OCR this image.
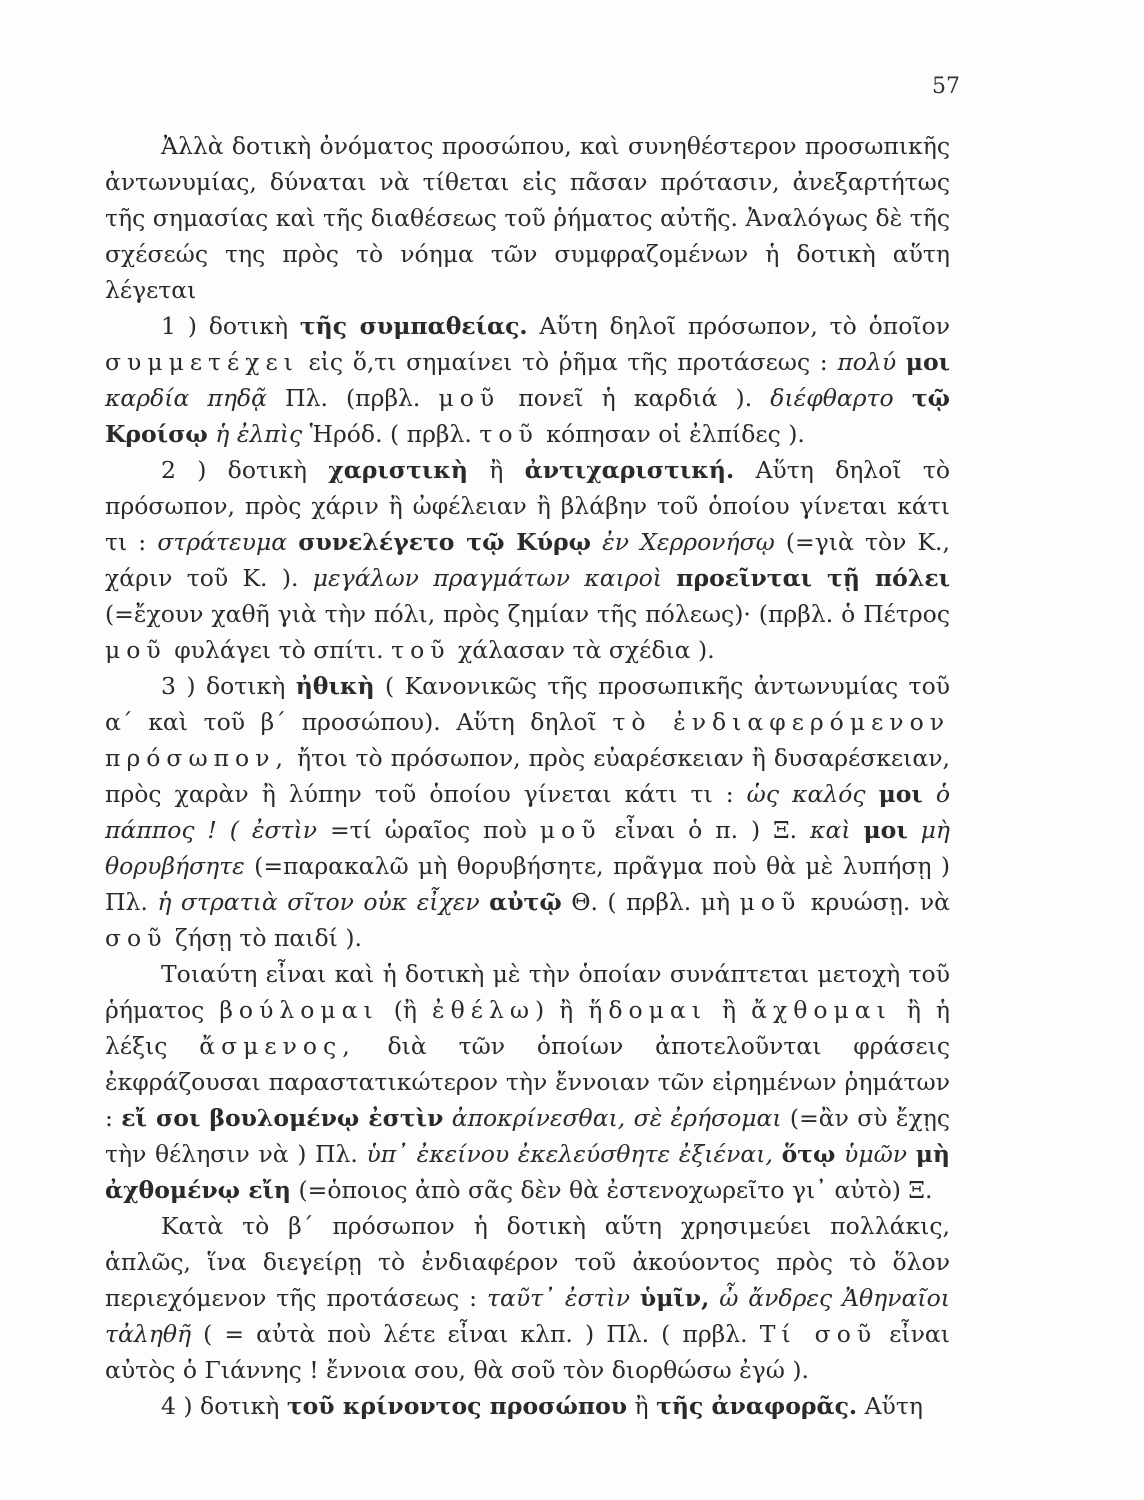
57

Ἀλλὰ δοτικὴ ὀνόματος προσώπου, καὶ συνηθέστερον προσωπικῆς ἀντωνυμίας, δύναται νὰ τίθεται εἰς πᾶσαν πρότασιν, ἀνεξαρτήτως τῆς σημασίας καὶ τῆς διαθέσεως τοῦ ῥήματος αὐτῆς. Ἀναλόγως δὲ τῆς σχέσεώς της πρὸς τὸ νόημα τῶν συμφραζομένων ἡ δοτικὴ αὕτη λέγεται

1 ) δοτικὴ τῆς συμπαθείας. Αὕτη δηλοῖ πρόσωπον, τὸ ὁποῖον συμμετέχει εἰς ὅ,τι σημαίνει τὸ ῥῆμα τῆς προτάσεως : πολύ μοι καρδία πηδᾷ Πλ. (πρβλ. μοῦ πονεῖ ἡ καρδιά ). διέφθαρτο τῷ Κροίσῳ ἡ ἐλπὶς Ἡρόδ. ( πρβλ. τοῦ κόπησαν οἱ ἐλπίδες ).

2 ) δοτικὴ χαριστικὴ ἢ ἀντιχαριστική. Αὕτη δηλοῖ τὸ πρόσωπον, πρὸς χάριν ἢ ὠφέλειαν ἢ βλάβην τοῦ ὁποίου γίνεται κάτι τι : στράτευμα συνελέγετο τῷ Κύρῳ ἐν Χερρονήσῳ (=γιὰ τὸν Κ., χάριν τοῦ Κ. ). μεγάλων πραγμάτων καιροὶ προεῖνται τῇ πόλει (=ἔχουν χαθῆ γιὰ τὴν πόλι, πρὸς ζημίαν τῆς πόλεως)· (πρβλ. ὁ Πέτρος μοῦ φυλάγει τὸ σπίτι. τοῦ χάλασαν τὰ σχέδια ).

3 ) δοτικὴ ἠθικὴ ( Κανονικῶς τῆς προσωπικῆς ἀντωνυμίας τοῦ α΄ καὶ τοῦ β΄ προσώπου). Αὕτη δηλοῖ τὸ ἐνδιαφερόμενον πρόσωπον, ἤτοι τὸ πρόσωπον, πρὸς εὐαρέσκειαν ἢ δυσαρέσκειαν, πρὸς χαρὰν ἢ λύπην τοῦ ὁποίου γίνεται κάτι τι : ὡς καλός μοι ὁ πάππος ! ( ἐστὶν =τί ὡραῖος ποὺ μοῦ εἶναι ὁ π. ) Ξ. καὶ μοι μὴ θορυβήσητε (=παρακαλῶ μὴ θορυβήσητε, πρᾶγμα ποὺ θὰ μὲ λυπήσῃ ) Πλ. ἡ στρατιὰ σῖτον οὐκ εἶχεν αὐτῷ Θ. ( πρβλ. μὴ μοῦ κρυώσῃ. νὰ σοῦ ζήσῃ τὸ παιδί ).

Τοιαύτη εἶναι καὶ ἡ δοτικὴ μὲ τὴν ὁποίαν συνάπτεται μετοχὴ τοῦ ῥήματος βούλομαι (ἢ ἐθέλω) ἢ ἥδομαι ἢ ἄχθομαι ἢ ἡ λέξις ἄσμενος, διὰ τῶν ὁποίων ἀποτελοῦνται φράσεις ἐκφράζουσαι παραστατικώτερον τὴν ἔννοιαν τῶν εἰρημένων ῥημάτων : εἴ σοι βουλομένῳ ἐστὶν ἀποκρίνεσθαι, σὲ ἐρήσομαι (=ἂν σὺ ἔχῃς τὴν θέλησιν νὰ ) Πλ. ὑπ᾽ ἐκείνου ἐκελεύσθητε ἐξιέναι, ὅτῳ ὑμῶν μὴ ἀχθομένῳ εἴη (=ὁποιος ἀπὸ σᾶς δὲν θὰ ἐστενοχωρεῖτο γι᾽ αὐτὸ) Ξ.

Κατὰ τὸ β΄ πρόσωπον ἡ δοτικὴ αὕτη χρησιμεύει πολλάκις, ἁπλῶς, ἵνα διεγείρῃ τὸ ἐνδιαφέρον τοῦ ἀκούοντος πρὸς τὸ ὅλον περιεχόμενον τῆς προτάσεως : ταῦτ᾽ ἐστὶν ὑμῖν, ὦ ἄνδρες Ἀθηναῖοι τἀληθῆ ( = αὐτὰ ποὺ λέτε εἶναι κλπ. ) Πλ. ( πρβλ. Τί σοῦ εἶναι αὐτὸς ὁ Γιάννης ! ἔννοια σου, θὰ σοῦ τὸν διορθώσω ἐγώ ).

4 ) δοτικὴ τοῦ κρίνοντος προσώπου ἢ τῆς ἀναφορᾶς. Αὕτη
